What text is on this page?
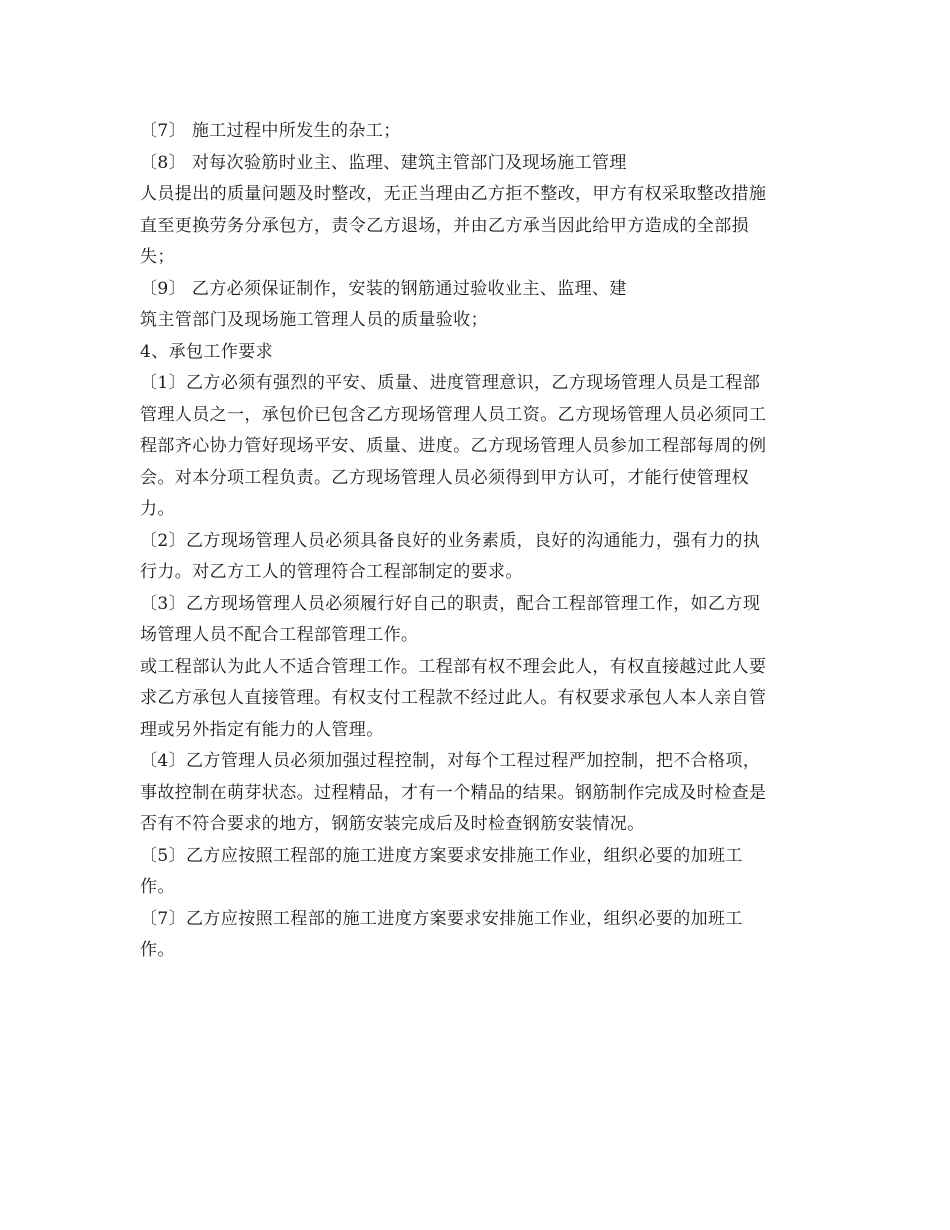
〔7〕 施工过程中所发生的杂工；
〔8〕 对每次验筋时业主、监理、建筑主管部门及现场施工管理
人员提出的质量问题及时整改，无正当理由乙方拒不整改，甲方有权采取整改措施
直至更换劳务分承包方，责令乙方退场，并由乙方承当因此给甲方造成的全部损
失；
〔9〕 乙方必须保证制作，安装的钢筋通过验收业主、监理、建
筑主管部门及现场施工管理人员的质量验收；
4、承包工作要求
〔1〕乙方必须有强烈的平安、质量、进度管理意识，乙方现场管理人员是工程部
管理人员之一，承包价已包含乙方现场管理人员工资。乙方现场管理人员必须同工
程部齐心协力管好现场平安、质量、进度。乙方现场管理人员参加工程部每周的例
会。对本分项工程负责。乙方现场管理人员必须得到甲方认可，才能行使管理权
力。
〔2〕乙方现场管理人员必须具备良好的业务素质，良好的沟通能力，强有力的执
行力。对乙方工人的管理符合工程部制定的要求。
〔3〕乙方现场管理人员必须履行好自己的职责，配合工程部管理工作，如乙方现
场管理人员不配合工程部管理工作。
或工程部认为此人不适合管理工作。工程部有权不理会此人，有权直接越过此人要
求乙方承包人直接管理。有权支付工程款不经过此人。有权要求承包人本人亲自管
理或另外指定有能力的人管理。
〔4〕乙方管理人员必须加强过程控制，对每个工程过程严加控制，把不合格项，
事故控制在萌芽状态。过程精品，才有一个精品的结果。钢筋制作完成及时检查是
否有不符合要求的地方，钢筋安装完成后及时检查钢筋安装情况。
〔5〕乙方应按照工程部的施工进度方案要求安排施工作业，组织必要的加班工
作。
〔7〕乙方应按照工程部的施工进度方案要求安排施工作业，组织必要的加班工
作。
